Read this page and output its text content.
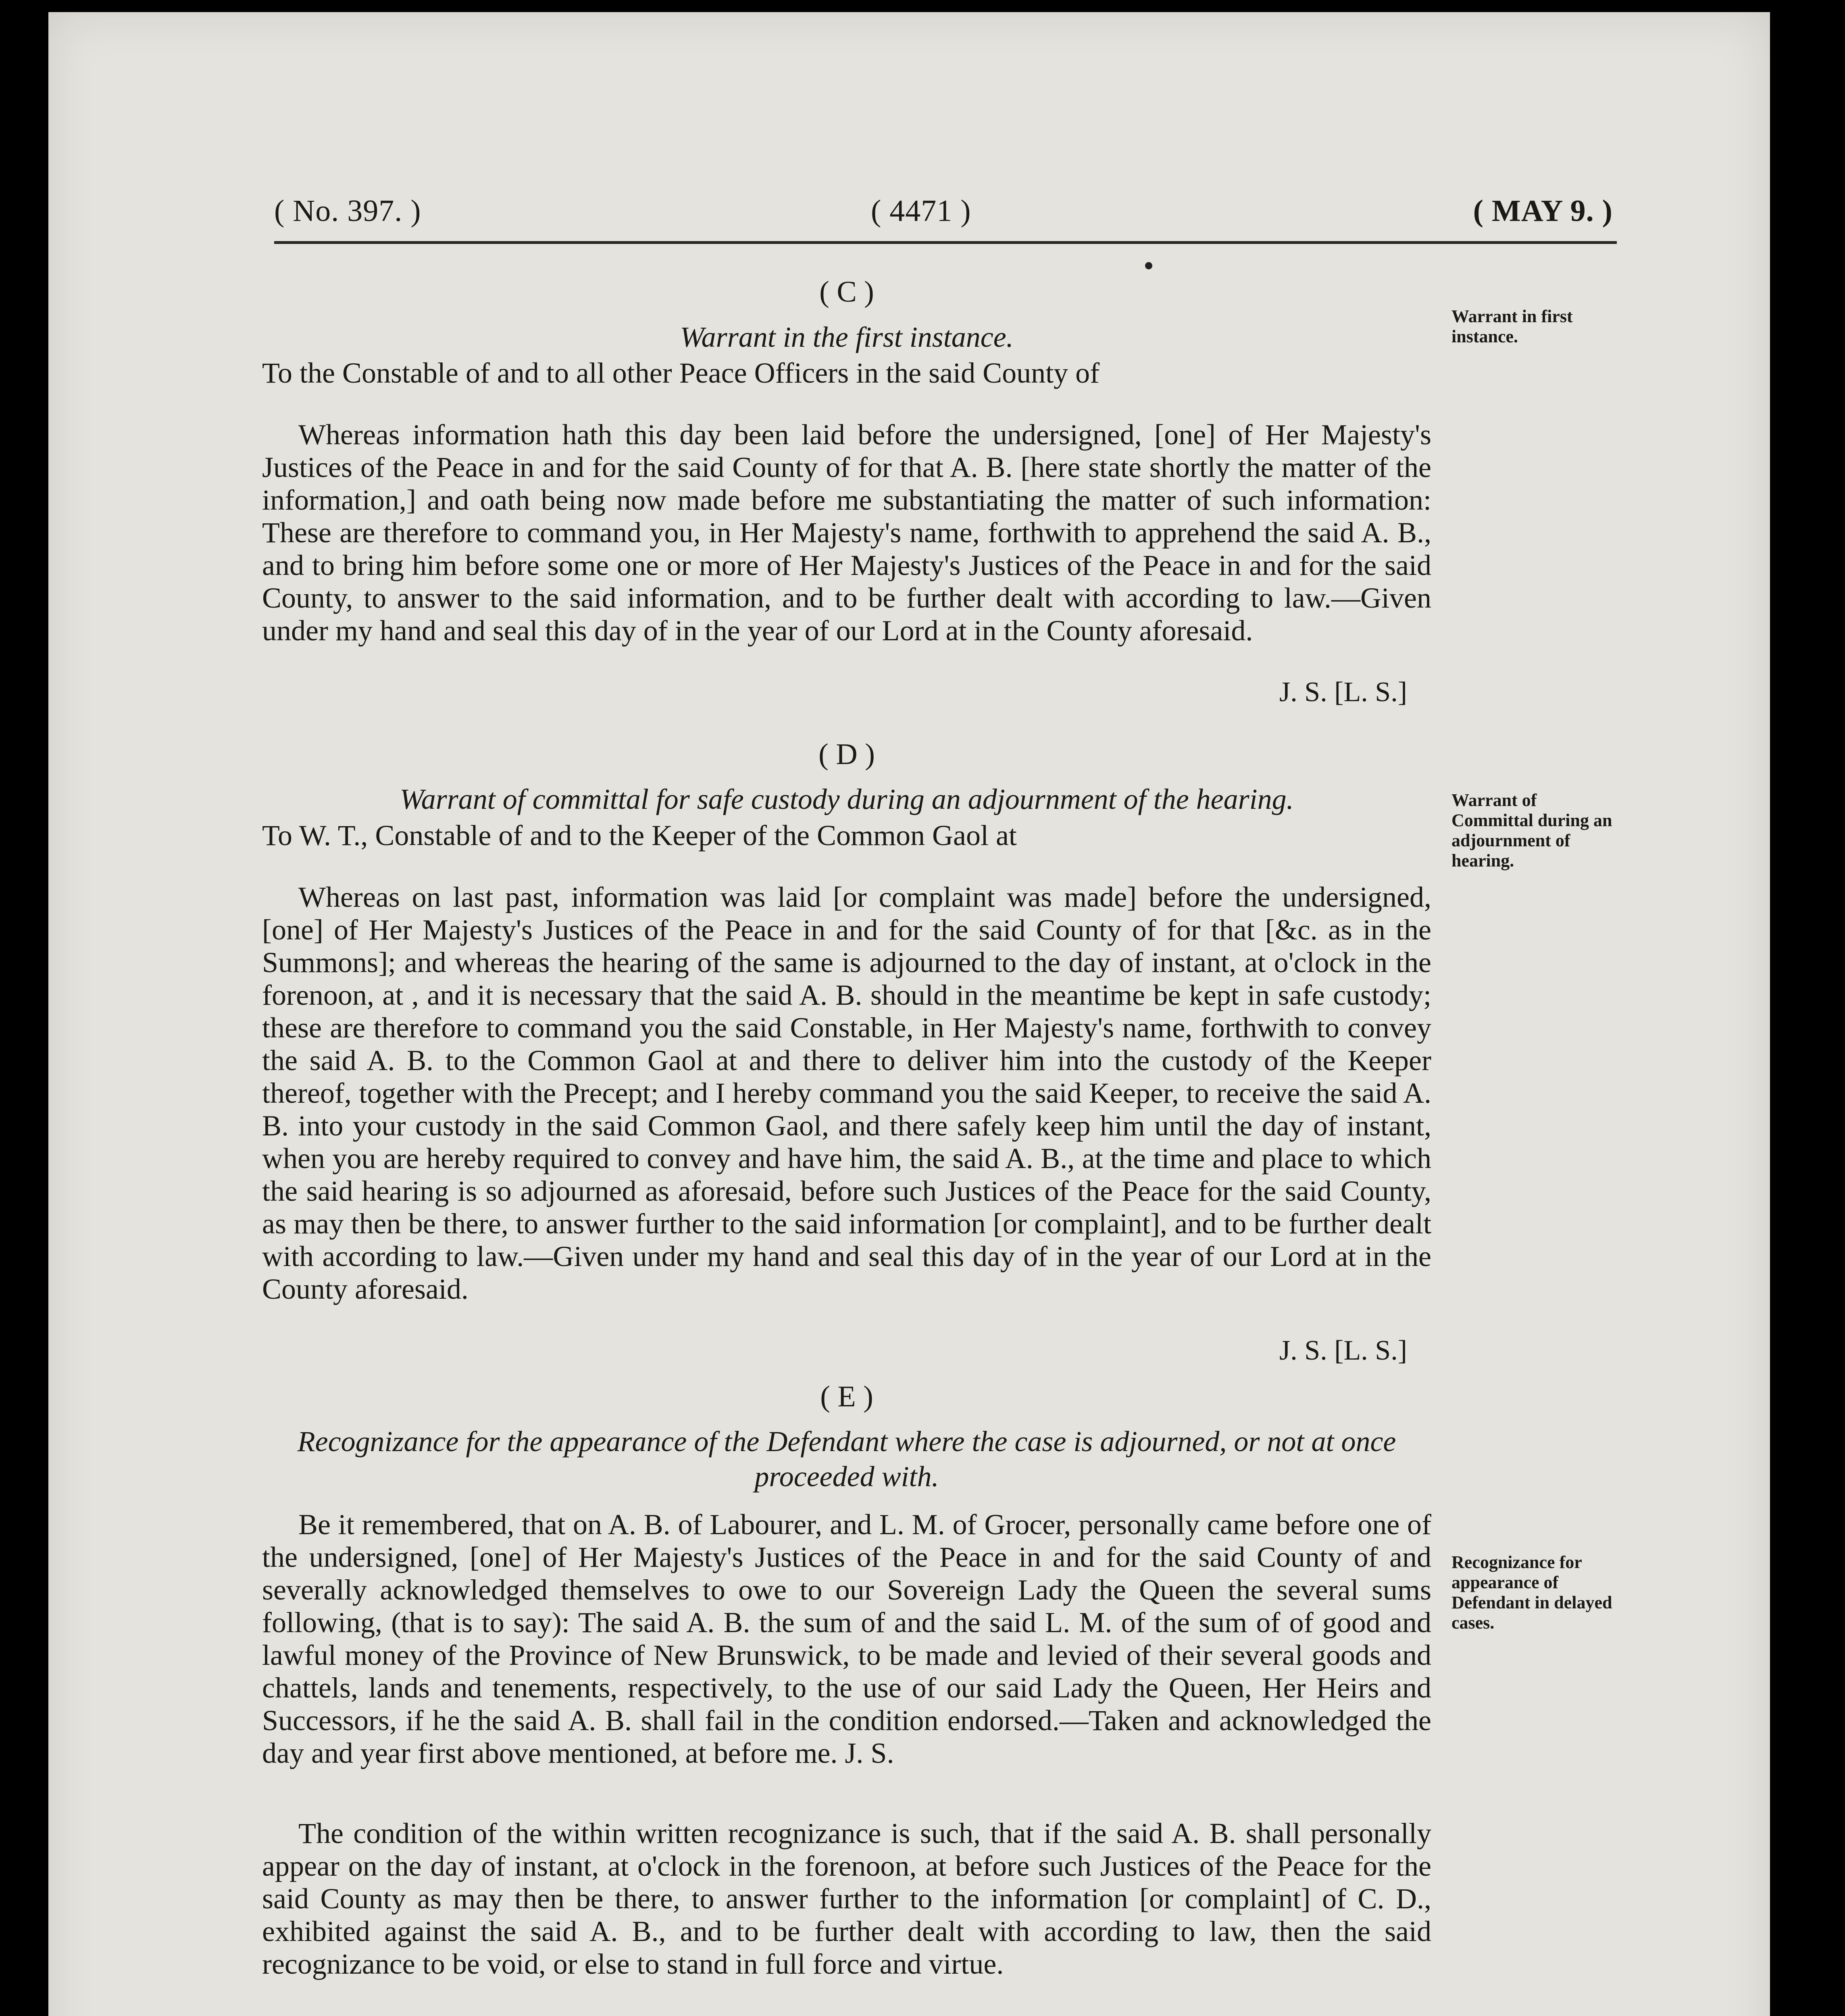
( No. 397. )	( 4471 )	( MAY 9. )
( C )
Warrant in the first instance.

To the Constable of and to all other Peace Officers in the said County of

Whereas information hath this day been laid before the undersigned, [one] of Her Majesty's Justices of the Peace in and for the said County of for that A. B. [here state shortly the matter of the information,] and oath being now made before me substantiating the matter of such information: These are therefore to command you, in Her Majesty's name, forthwith to apprehend the said A. B., and to bring him before some one or more of Her Majesty's Justices of the Peace in and for the said County, to answer to the said information, and to be further dealt with according to law.—Given under my hand and seal this day of in the year of our Lord at in the County aforesaid.

J. S. [L. S.]
( D )
Warrant of committal for safe custody during an adjournment of the hearing.

To W. T., Constable of and to the Keeper of the Common Gaol at

Whereas on last past, information was laid [or complaint was made] before the undersigned, [one] of Her Majesty's Justices of the Peace in and for the said County of for that [&c. as in the Summons]; and whereas the hearing of the same is adjourned to the day of instant, at o'clock in the forenoon, at , and it is necessary that the said A. B. should in the meantime be kept in safe custody; these are therefore to command you the said Constable, in Her Majesty's name, forthwith to convey the said A. B. to the Common Gaol at and there to deliver him into the custody of the Keeper thereof, together with the Precept; and I hereby command you the said Keeper, to receive the said A. B. into your custody in the said Common Gaol, and there safely keep him until the day of instant, when you are hereby required to convey and have him, the said A. B., at the time and place to which the said hearing is so adjourned as aforesaid, before such Justices of the Peace for the said County, as may then be there, to answer further to the said information [or complaint], and to be further dealt with according to law.—Given under my hand and seal this day of in the year of our Lord at in the County aforesaid.

J. S. [L. S.]
( E )
Recognizance for the appearance of the Defendant where the case is adjourned, or not at once proceeded with.

Be it remembered, that on A. B. of Labourer, and L. M. of Grocer, personally came before one of the undersigned, [one] of Her Majesty's Justices of the Peace in and for the said County of and severally acknowledged themselves to owe to our Sovereign Lady the Queen the several sums following, (that is to say): The said A. B. the sum of and the said L. M. of the sum of of good and lawful money of the Province of New Brunswick, to be made and levied of their several goods and chattels, lands and tenements, respectively, to the use of our said Lady the Queen, Her Heirs and Successors, if he the said A. B. shall fail in the condition endorsed.—Taken and acknowledged the day and year first above mentioned, at before me. J. S.

The condition of the within written recognizance is such, that if the said A. B. shall personally appear on the day of instant, at o'clock in the forenoon, at before such Justices of the Peace for the said County as may then be there, to answer further to the information [or complaint] of C. D., exhibited against the said A. B., and to be further dealt with according to law, then the said recognizance to be void, or else to stand in full force and virtue.

Warrant in first instance.
Warrant of Committal during an adjournment of hearing.
Recognizance for appearance of Defendant in delayed cases.
